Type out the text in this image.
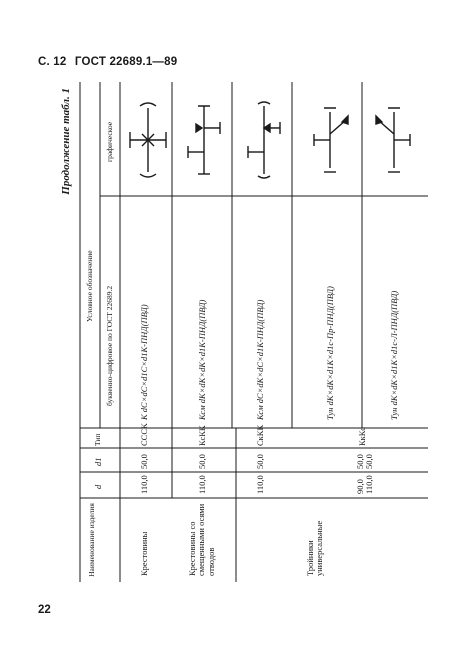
С. 12 ГОСТ 22689.1—89
22
Продолжение табл. 1
Наименование изделия
d
d1
Тип
Условное обозначение буквенно-цифровое по ГОСТ 22689.2
графическое
Крестовины
110,0
50,0
СССК
K dC×dC×d1C×d1K-ПНД(ПВД)
Крестовины со смещенными осями отводов
110,0
50,0
КсКК
Ксм dK×dK×dK×d1K-ПНД(ПВД)
110,0
50,0
СкКК
Ксм dC×dK×dC×d1K-ПНД(ПВД)
Тройники универсальные
90,0 110,0
50,0 50,0
КкКс
Тун dK×dK×d1K×d1c-Пр-ПНД(ПВД)	Тун dK×dK×d1K×d1c-Л-ПНД(ПВД)
